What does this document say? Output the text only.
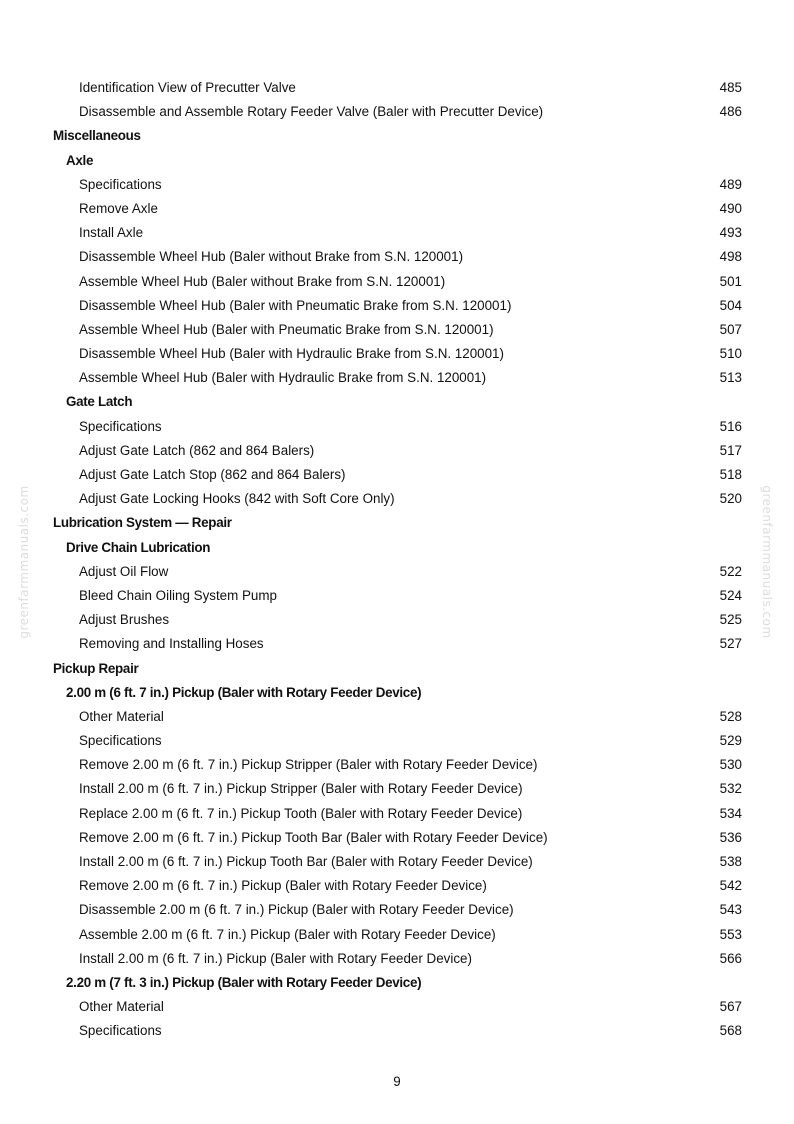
Identification View of Precutter Valve	485
Disassemble and Assemble Rotary Feeder Valve (Baler with Precutter Device)	486
Miscellaneous
Axle
Specifications	489
Remove Axle	490
Install Axle	493
Disassemble Wheel Hub (Baler without Brake from S.N. 120001)	498
Assemble Wheel Hub (Baler without Brake from S.N. 120001)	501
Disassemble Wheel Hub (Baler with Pneumatic Brake from S.N. 120001)	504
Assemble Wheel Hub (Baler with Pneumatic Brake from S.N. 120001)	507
Disassemble Wheel Hub (Baler with Hydraulic Brake from S.N. 120001)	510
Assemble Wheel Hub (Baler with Hydraulic Brake from S.N. 120001)	513
Gate Latch
Specifications	516
Adjust Gate Latch (862 and 864 Balers)	517
Adjust Gate Latch Stop (862 and 864 Balers)	518
Adjust Gate Locking Hooks (842 with Soft Core Only)	520
Lubrication System — Repair
Drive Chain Lubrication
Adjust Oil Flow	522
Bleed Chain Oiling System Pump	524
Adjust Brushes	525
Removing and Installing Hoses	527
Pickup Repair
2.00 m (6 ft. 7 in.) Pickup (Baler with Rotary Feeder Device)
Other Material	528
Specifications	529
Remove 2.00 m (6 ft. 7 in.) Pickup Stripper (Baler with Rotary Feeder Device)	530
Install 2.00 m (6 ft. 7 in.) Pickup Stripper (Baler with Rotary Feeder Device)	532
Replace 2.00 m (6 ft. 7 in.) Pickup Tooth (Baler with Rotary Feeder Device)	534
Remove 2.00 m (6 ft. 7 in.) Pickup Tooth Bar (Baler with Rotary Feeder Device)	536
Install 2.00 m (6 ft. 7 in.) Pickup Tooth Bar (Baler with Rotary Feeder Device)	538
Remove 2.00 m (6 ft. 7 in.) Pickup (Baler with Rotary Feeder Device)	542
Disassemble 2.00 m (6 ft. 7 in.) Pickup (Baler with Rotary Feeder Device)	543
Assemble 2.00 m (6 ft. 7 in.) Pickup (Baler with Rotary Feeder Device)	553
Install 2.00 m (6 ft. 7 in.) Pickup (Baler with Rotary Feeder Device)	566
2.20 m (7 ft. 3 in.) Pickup (Baler with Rotary Feeder Device)
Other Material	567
Specifications	568
greenfarmmanuals.com	greenfarmmanuals.com
9
